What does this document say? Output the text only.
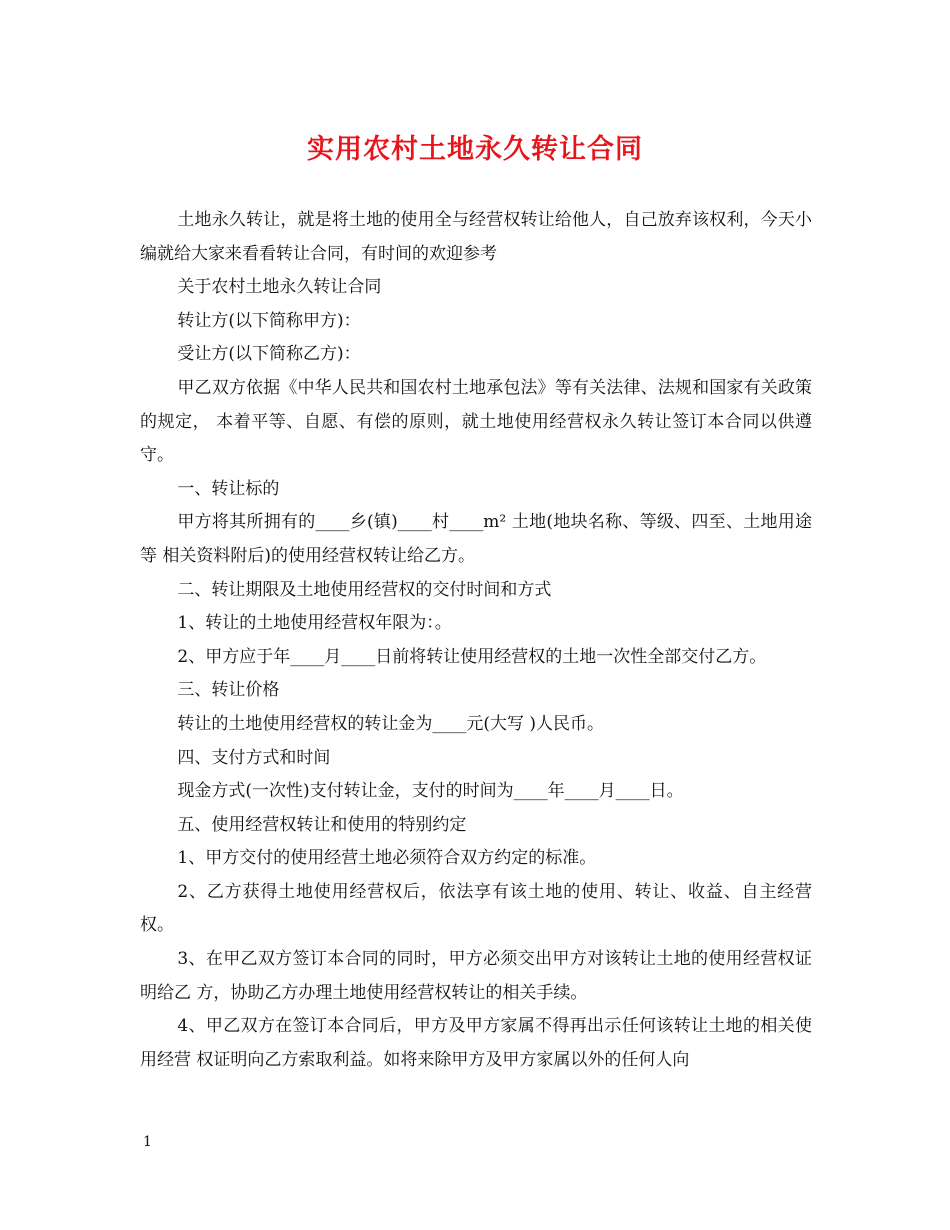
实用农村土地永久转让合同

土地永久转让，就是将土地的使用全与经营权转让给他人，自己放弃该权利，今天小编就给大家来看看转让合同，有时间的欢迎参考

关于农村土地永久转让合同

转让方(以下简称甲方)：

受让方(以下简称乙方)：

甲乙双方依据《中华人民共和国农村土地承包法》等有关法律、法规和国家有关政策的规定， 本着平等、自愿、有偿的原则，就土地使用经营权永久转让签订本合同以供遵守。

一、转让标的

甲方将其所拥有的____乡(镇)____村____m² 土地(地块名称、等级、四至、土地用途等 相关资料附后)的使用经营权转让给乙方。

二、转让期限及土地使用经营权的交付时间和方式

1、转让的土地使用经营权年限为：。

2、甲方应于年____月____日前将转让使用经营权的土地一次性全部交付乙方。

三、转让价格

转让的土地使用经营权的转让金为____元(大写 )人民币。

四、支付方式和时间

现金方式(一次性)支付转让金，支付的时间为____年____月____日。

五、使用经营权转让和使用的特别约定

1、甲方交付的使用经营土地必须符合双方约定的标准。

2、乙方获得土地使用经营权后，依法享有该土地的使用、转让、收益、自主经营权。

3、在甲乙双方签订本合同的同时，甲方必须交出甲方对该转让土地的使用经营权证明给乙 方，协助乙方办理土地使用经营权转让的相关手续。

4、甲乙双方在签订本合同后，甲方及甲方家属不得再出示任何该转让土地的相关使用经营 权证明向乙方索取利益。如将来除甲方及甲方家属以外的任何人向

1
